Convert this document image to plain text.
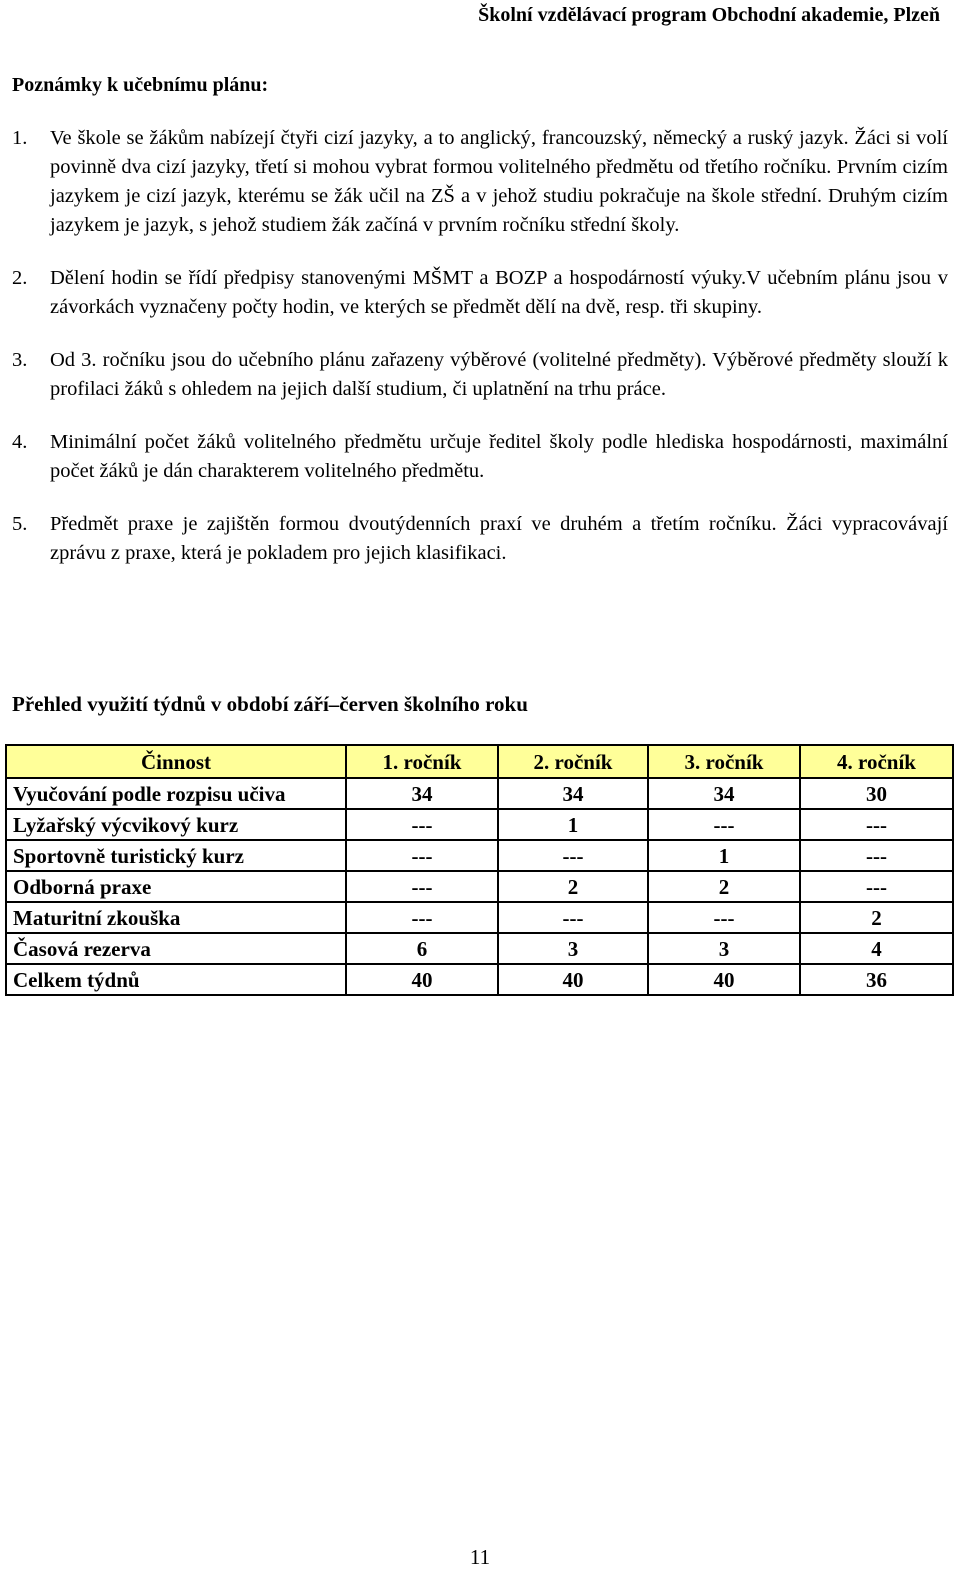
Školní vzdělávací program Obchodní akademie, Plzeň
Poznámky k učebnímu plánu:
1.	Ve škole se žákům nabízejí čtyři cizí jazyky, a to anglický, francouzský, německý a ruský jazyk. Žáci si volí povinně dva cizí jazyky, třetí si mohou vybrat formou volitelného předmětu od třetího ročníku. Prvním cizím jazykem je cizí jazyk, kterému se žák učil na ZŠ a v jehož studiu pokračuje na škole střední. Druhým cizím jazykem je jazyk, s jehož studiem žák začíná v prvním ročníku střední školy.
2.	Dělení hodin se řídí předpisy stanovenými MŠMT a BOZP a hospodárností výuky.V učebním plánu jsou v závorkách vyznačeny počty hodin, ve kterých se předmět dělí na dvě, resp. tři skupiny.
3.	Od 3. ročníku jsou do učebního plánu zařazeny výběrové (volitelné předměty). Výběrové předměty slouží k profilaci žáků s ohledem na jejich další studium, či uplatnění na trhu práce.
4.	Minimální počet žáků volitelného předmětu určuje ředitel školy podle hlediska hospodárnosti, maximální počet žáků je dán charakterem volitelného předmětu.
5.	Předmět praxe je zajištěn formou dvoutýdenních praxí ve druhém a třetím ročníku. Žáci vypracovávají zprávu z praxe, která je pokladem pro jejich klasifikaci.
Přehled využití týdnů v období září–červen školního roku
Činnost	1. ročník	2. ročník	3. ročník	4. ročník
Vyučování podle rozpisu učiva	34	34	34	30
Lyžařský výcvikový kurz	---	1	---	---
Sportovně turistický kurz	---	---	1	---
Odborná praxe	---	2	2	---
Maturitní zkouška	---	---	---	2
Časová rezerva	6	3	3	4
Celkem týdnů	40	40	40	36
11
